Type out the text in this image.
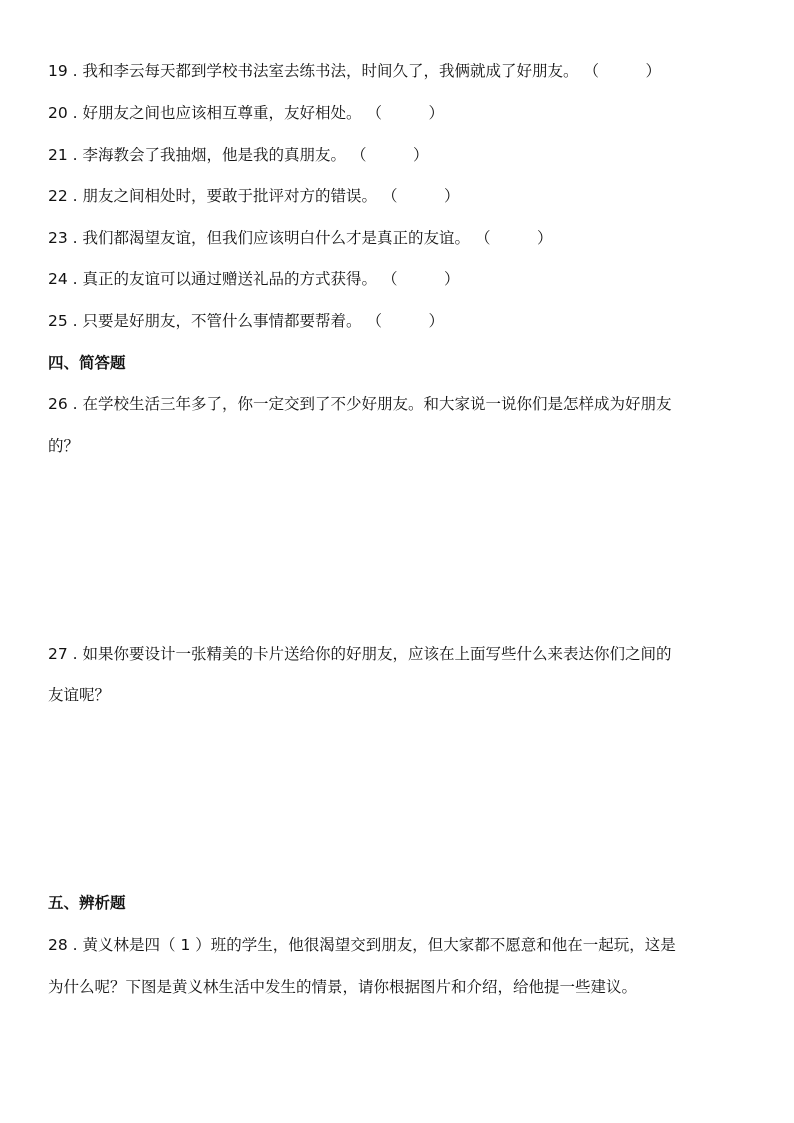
19 . 我和李云每天都到学校书法室去练书法，时间久了，我俩就成了好朋友。 （　　　）
20 . 好朋友之间也应该相互尊重，友好相处。 （　　　）
21 . 李海教会了我抽烟，他是我的真朋友。 （　　　）
22 . 朋友之间相处时，要敢于批评对方的错误。 （　　　）
23 . 我们都渴望友谊，但我们应该明白什么才是真正的友谊。 （　　　）
24 . 真正的友谊可以通过赠送礼品的方式获得。 （　　　）
25 . 只要是好朋友，不管什么事情都要帮着。 （　　　）
四、简答题
26 . 在学校生活三年多了，你一定交到了不少好朋友。和大家说一说你们是怎样成为好朋友
的？
27 . 如果你要设计一张精美的卡片送给你的好朋友，应该在上面写些什么来表达你们之间的
友谊呢？
五、辨析题
28 . 黄义林是四（ 1 ）班的学生，他很渴望交到朋友，但大家都不愿意和他在一起玩，这是
为什么呢？下图是黄义林生活中发生的情景，请你根据图片和介绍，给他提一些建议。
